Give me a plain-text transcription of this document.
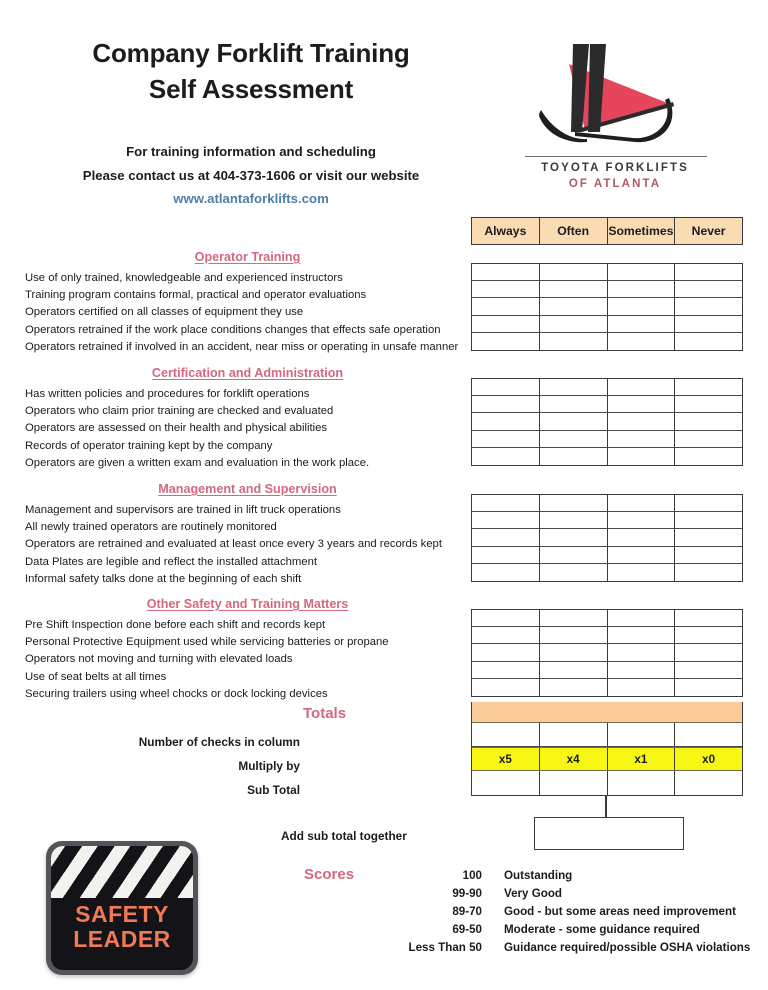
Company Forklift Training
Self Assessment
For training information and scheduling
Please contact us at 404-373-1606 or visit our website
www.atlantaforklifts.com
TOYOTA FORKLIFTS
OF ATLANTA
Always	Often	Sometimes	Never
Operator Training
Use of only trained, knowledgeable and experienced instructors
Training program contains formal, practical and operator evaluations
Operators certified on all classes of equipment they use
Operators retrained if the work place conditions changes that effects safe operation
Operators retrained if involved in an accident, near miss or operating in unsafe manner
Certification and Administration
Has written policies and procedures for forklift operations
Operators who claim prior training are checked and evaluated
Operators are assessed on their health and physical abilities
Records of operator training kept by the company
Operators are given a written exam and evaluation in the work place.
Management and Supervision
Management and supervisors are trained in lift truck operations
All newly trained operators are routinely monitored
Operators are retrained and evaluated at least once every 3 years and records kept
Data Plates are legible and reflect the installed attachment
Informal safety talks done at the beginning of each shift
Other Safety and Training Matters
Pre Shift Inspection done before each shift and records kept
Personal Protective Equipment used while servicing batteries or propane
Operators not moving and turning with elevated loads
Use of seat belts at all times
Securing trailers using wheel chocks or dock locking devices
Totals
Number of checks in column
Multiply by
Sub Total
x5	x4	x1	x0
Add sub total together
Scores	100	Outstanding
99-90	Very Good
89-70	Good - but some areas need improvement
69-50	Moderate - some guidance required
Less Than 50	Guidance required/possible OSHA violations
SAFETY
LEADER
